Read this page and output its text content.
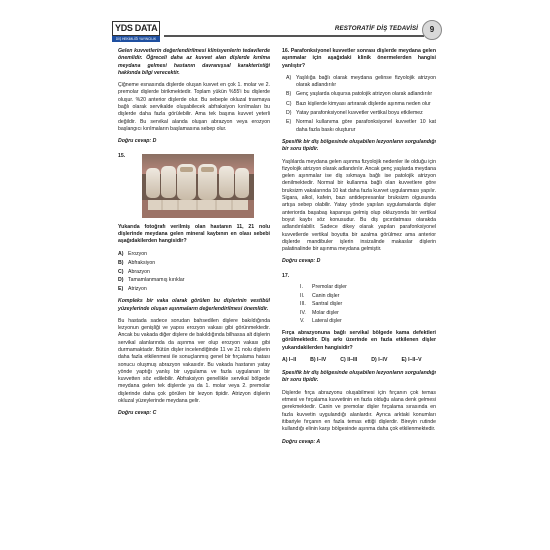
YDS DATA
DİŞ HEKİMLİĞİ YAYINCILIK
RESTORATİF DİŞ TEDAVİSİ	9

Gelen kuvvetlerin değerlendirilmesi klinisyenlerin tedavilerde önemlidir. Öğreceli daha az kuvvet alan dişlerde kırılma meydana gelmesi hastanın davranışsal karakteristiği hakkında bilgi verecektir.

Çiğneme esnasında dişlerde oluşan kuvvet en çok 1. molar ve 2. premolar dişlerde birikmektedir. Toplam yükün %55'i bu dişlerde oluşur. %20 anterior dişlerde olur. Bu sebeple okluzal travmaya bağlı olarak servikalde oluşabilecek abfraksiyon kırılmaları bu dişlerde daha fazla görülebilir. Ama tek başına kuvvet yeterli değildir. Bu servikal alanda oluşan abrazyon veya erozyon başlangıcı kırılmaların başlamasına sebep olur.

Doğru cevap: D
15.

Yukarıda fotoğrafı verilmiş olan hastanın 11, 21 nolu dişlerinde meydana gelen mineral kaybının en olası sebebi aşağıdakilerden hangisidir?

A) Erozyon
B) Abfraksiyon
C) Abrazyon
D) Tamamlanmamış kırıklar
E) Atrizyon

Kompleks bir vaka olarak görülen bu dişlerinin vestibül yüzeylerinde oluşan aşınmaların değerlendirilmesi önemlidir.

Bu hastada sadece sorudan bahsedilen dişlere bakıldığında lezyonun genişliği ve yapısı erozyon vakası gibi görünmektedir. Ancak bu vakada diğer dişlere de bakıldığında bilhassa alt dişlerin servikal alanlarında da aşınma ver olup erozyon vakası gibi durmamaktadır. Bütün dişler incelendiğinde 11 ve 21 nolu dişlerin daha fazla etkilenmesi ile sonuçlanmış genel bir fırçalama hatası sonucu oluşmuş abrazyon vakasıdır. Bu vakada hastanın yatay yönde yaptığı yanlış bir uygulama ve fazla uygulanan bir kuvvetten söz edilebilir. Abfraksiyon genellikle servikal bölgede meydana gelen tek dişlerde ya da 1. molar veya 2. premolar dişlerinde daha çok görülen bir lezyon tipidir. Atrizyon dişlerin okluzal yüzeylerinde meydana gelir.

Doğru cevap: C

16. Parafonksiyonel kuvvetler sonrası dişlerde meydana gelen aşınmalar için aşağıdaki klinik önermelerden hangisi yanlıştır?

A) Yaşlılığa bağlı olarak meydana gelinse fizyolojik atrizyon olarak adlandırılır
B) Genç yaşlarda oluşursa patolojik atrizyon olarak adlandırılır
C) Bazı kişilerde kimyası artırarak dişlerde aşınma neden olur
D) Yatay parafonksiyonel kuvvetler vertikal boyu etkilemez
E) Normal kullanıma göre parafonksiyonel kuvvetler 10 kat daha fazla baskı oluşturur

Spesifik bir diş bölgesinde oluşabilen lezyonların sorgulandığı bir soru tipidir.

Yaşlılarda meydana gelen aşınma fizyolojik nedenler ile olduğu için fizyolojik atrizyon olarak adlandırılır. Ancak genç yaşlarda meydana gelen aşınmalar ise diş sıkmaya bağlı ise patolojik atrizyon denilmektedir. Normal bir kullanma bağlı olan kuvvetlere göre bruksizm vakalarında 10 kat daha fazla kuvvet uygulanması yapılır. Sigara, alkol, kafein, bazı antidepresanlar bruksizm olgusunda artışa sebep olabilir. Yatay yönde yapılan uygulamalarda dişler anteriorda başabaş kapanışa gelmiş olup okluzyonda bir vertikal boyut kaybı söz konusudur. Bu diş gıcırdatması olarakda adlandırılabilir. Sadece dikey olarak yapılan parafonksiyonel kuvvetlerde vertikal boyutta bir azalma görülmez ama anterior dişlerde mandibuler işlerin insizalinde makaslar dişlerin palatinalinde bir aşınma meydana gelmiştir.

Doğru cevap: D
17.
I.	Premolar dişler
II.	Canin dişler
III.	Santral dişler
IV.	Molar dişler
V.	Lateral dişler

Fırça abrazyonuna bağlı servikal bölgede kama defektleri görülmektedir. Diş arkı üzerinde en fazla etkilenen dişler yukarıdakilerden hangisidir?

A) I–II	B) I–IV	C) II–III	D) I–IV	E) I–II–V

Spesifik bir diş bölgesinde oluşabilen lezyonların sorgulandığı bir soru tipidir.

Dişlerde fırça abrazyonu oluşabilmesi için fırçanın çok temas etmesi ve fırçalama kuvvetinin en fazla olduğu alana denk gelmesi gerekmektedir. Canin ve premolar dişler fırçalama sırasında en fazla kuvvetin uygulandığı alanlardır. Ayrıca arktaki konumları itibariyle fırçanın en fazla temas ettiği dişlerdir. Bireyin rutinde kullandığı elinin karşı bölgesinde aşınma daha çok etkilenmektedir.

Doğru cevap: A
